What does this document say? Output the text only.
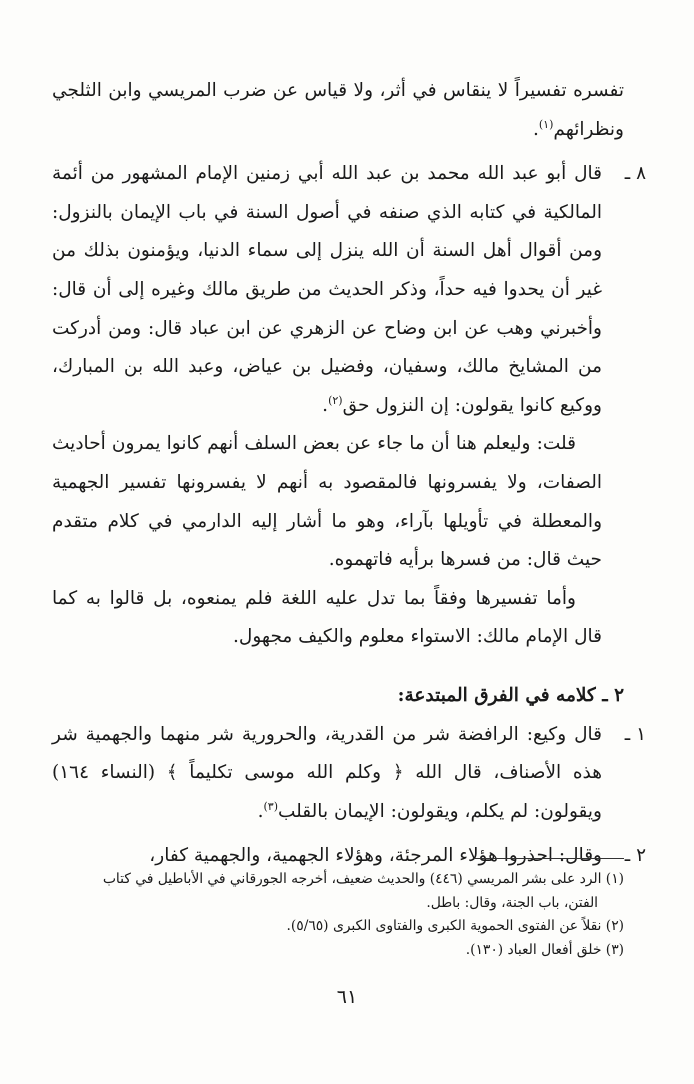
تفسره تفسيراً لا ينقاس في أثر، ولا قياس عن ضرب المريسي وابن الثلجي ونظرائهم$^{(١)}$.

٨ ـقال أبو عبد الله محمد بن عبد الله أبي زمنين الإمام المشهور من أئمة المالكية في كتابه الذي صنفه في أصول السنة في باب الإيمان بالنزول: ومن أقوال أهل السنة أن الله ينزل إلى سماء الدنيا، ويؤمنون بذلك من غير أن يحدوا فيه حداً، وذكر الحديث من طريق مالك وغيره إلى أن قال: وأخبرني وهب عن ابن وضاح عن الزهري عن ابن عباد قال: ومن أدركت من المشايخ مالك، وسفيان، وفضيل بن عياض، وعبد الله بن المبارك، ووكيع كانوا يقولون: إن النزول حق$^{(٢)}$.

قلت: وليعلم هنا أن ما جاء عن بعض السلف أنهم كانوا يمرون أحاديث الصفات، ولا يفسرونها فالمقصود به أنهم لا يفسرونها تفسير الجهمية والمعطلة في تأويلها بآراء، وهو ما أشار إليه الدارمي في كلام متقدم حيث قال: من فسرها برأيه فاتهموه.

وأما تفسيرها وفقاً بما تدل عليه اللغة فلم يمنعوه، بل قالوا به كما قال الإمام مالك: الاستواء معلوم والكيف مجهول.

٢ ـ كلامه في الفرق المبتدعة:

١ ـقال وكيع: الرافضة شر من القدرية، والحرورية شر منهما والجهمية شر هذه الأصناف، قال الله ﴿ وكلم الله موسى تكليماً ﴾ (النساء ١٦٤) ويقولون: لم يكلم، ويقولون: الإيمان بالقلب$^{(٣)}$.

٢ ـوقال: احذروا هؤلاء المرجئة، وهؤلاء الجهمية، والجهمية كفار،

(١) الرد على بشر المريسي (٤٤٦) والحديث ضعيف، أخرجه الجورقاني في الأباطيل في كتاب

الفتن، باب الجنة، وقال: باطل.

(٢) نقلاً عن الفتوى الحموية الكبرى والفتاوى الكبرى (٥/٦٥).

(٣) خلق أفعال العباد (١٣٠).

٦١
